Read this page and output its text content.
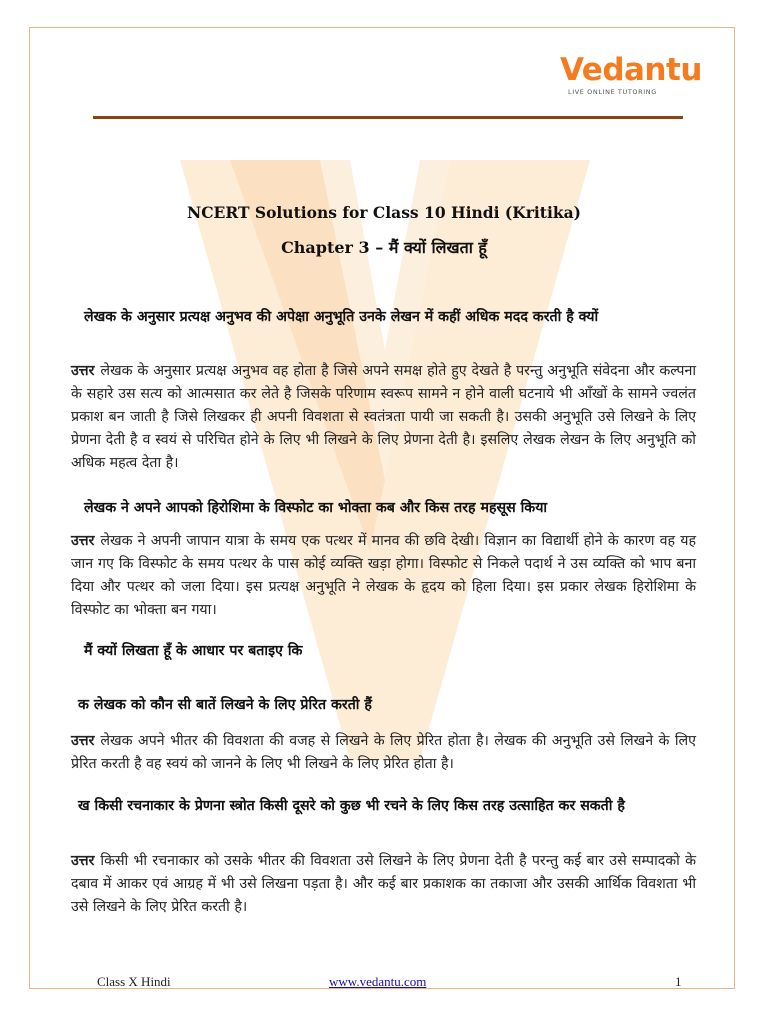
Vedantu
LIVE ONLINE TUTORING
NCERT Solutions for Class 10 Hindi (Kritika)
Chapter 3 – मैं क्यों लिखता हूँ
लेखक के अनुसार प्रत्यक्ष अनुभव की अपेक्षा अनुभूति उनके लेखन में कहीं अधिक मदद करती है क्यों
उत्तर लेखक के अनुसार प्रत्यक्ष अनुभव वह होता है जिसे अपने समक्ष होते हुए देखते है परन्तु अनुभूति संवेदना और कल्पना के सहारे उस सत्य को आत्मसात कर लेते है जिसके परिणाम स्वरूप सामने न होने वाली घटनाये भी आँखों के सामने ज्वलंत प्रकाश बन जाती है जिसे लिखकर ही अपनी विवशता से स्वतंत्रता पायी जा सकती है। उसकी अनुभूति उसे लिखने के लिए प्रेणना देती है व स्वयं से परिचित होने के लिए भी लिखने के लिए प्रेणना देती है। इसलिए लेखक लेखन के लिए अनुभूति को अधिक महत्व देता है।
लेखक ने अपने आपको हिरोशिमा के विस्फोट का भोक्ता कब और किस तरह महसूस किया
उत्तर लेखक ने अपनी जापान यात्रा के समय एक पत्थर में मानव की छवि देखी। विज्ञान का विद्यार्थी होने के कारण वह यह जान गए कि विस्फोट के समय पत्थर के पास कोई व्यक्ति खड़ा होगा। विस्फोट से निकले पदार्थ ने उस व्यक्ति को भाप बना दिया और पत्थर को जला दिया। इस प्रत्यक्ष अनुभूति ने लेखक के हृदय को हिला दिया। इस प्रकार लेखक हिरोशिमा के विस्फोट का भोक्ता बन गया।
मैं क्यों लिखता हूँ के आधार पर बताइए कि
क लेखक को कौन सी बातें लिखने के लिए प्रेरित करती हैं
उत्तर लेखक अपने भीतर की विवशता की वजह से लिखने के लिए प्रेरित होता है। लेखक की अनुभूति उसे लिखने के लिए प्रेरित करती है वह स्वयं को जानने के लिए भी लिखने के लिए प्रेरित होता है।
ख किसी रचनाकार के प्रेणना स्त्रोत किसी दूसरे को कुछ भी रचने के लिए किस तरह उत्साहित कर सकती है
उत्तर किसी भी रचनाकार को उसके भीतर की विवशता उसे लिखने के लिए प्रेणना देती है परन्तु कई बार उसे सम्पादको के दबाव में आकर एवं आग्रह में भी उसे लिखना पड़ता है। और कई बार प्रकाशक का तकाजा और उसकी आर्थिक विवशता भी उसे लिखने के लिए प्रेरित करती है।
Class X Hindi	www.vedantu.com	1
